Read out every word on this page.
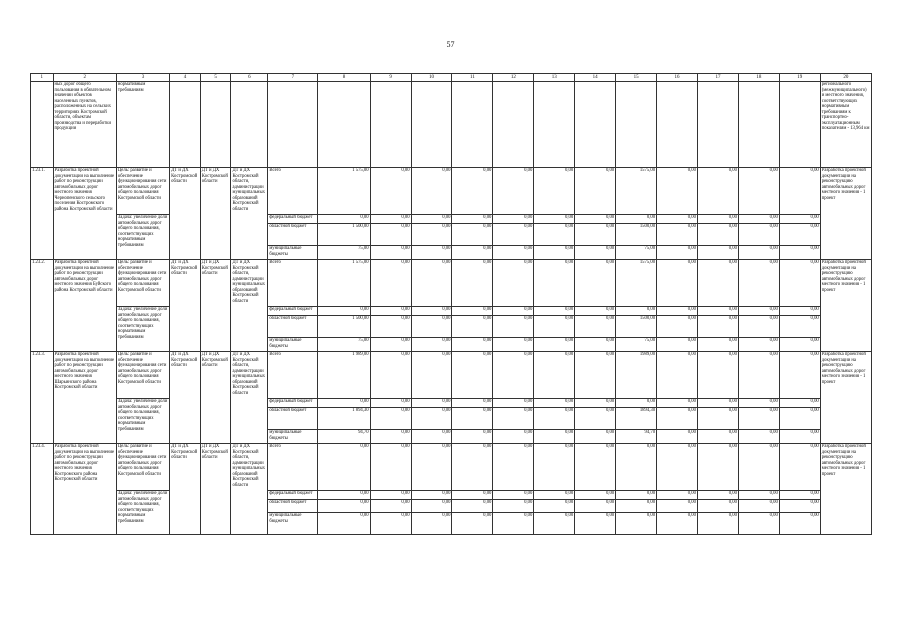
57
1	2	3	4	5	6	7	8	9	10	11	12	13	14	15	16	17	18	19	20
	ных дорог общего пользования в обязательном значении объектов населенных пунктов, расположенных на сельских территориях Костромской области, объектам производства и переработки продукции	нормативным требованиям																	регионального (межмуниципального) и местного значения, соответствующих нормативным требованиям к транспортно-эксплуатационным показателям - 13,964 км
1.23.1.	Разработка проектной документации на выполнение работ по реконструкции автомобильных дорог местного значения Чернопенского сельского поселения Костромского района Костромской области	Цель: развитие и обеспечение функционирования сети автомобильных дорог общего пользования Костромской области	ДТ и ДХ Костромской области	ДТ и ДХ Костромской области	ДТ и ДХ Костромской области, администрации муниципальных образований Костромской области	Всего	1 575,00	0,00	0,00	0,00	0,00	0,00	0,00	1575,00	0,00	0,00	0,00	0,00	Разработка проектной документации на реконструкцию автомобильных дорог местного значения - 1 проект
		Задача: увеличение доли автомобильных дорог общего пользования, соответствующих нормативным требованиям				федеральный бюджет	0,00	0,00	0,00	0,00	0,00	0,00	0,00	0,00	0,00	0,00	0,00	0,00	
						областной бюджет	1 500,00	0,00	0,00	0,00	0,00	0,00	0,00	1500,00	0,00	0,00	0,00	0,00	
						муниципальные бюджеты	75,00	0,00	0,00	0,00	0,00	0,00	0,00	75,00	0,00	0,00	0,00	0,00	
1.23.2.	Разработка проектной документации на выполнение работ по реконструкции автомобильных дорог местного значения Буйского района Костромской области	Цель: развитие и обеспечение функционирования сети автомобильных дорог общего пользования Костромской области	ДТ и ДХ Костромской области	ДТ и ДХ Костромской области	ДТ и ДХ Костромской области, администрации муниципальных образований Костромской области	Всего	1 575,00	0,00	0,00	0,00	0,00	0,00	0,00	1575,00	0,00	0,00	0,00	0,00	Разработка проектной документации на реконструкцию автомобильных дорог местного значения - 1 проект
		Задача: увеличение доли автомобильных дорог общего пользования, соответствующих нормативным требованиям				федеральный бюджет	0,00	0,00	0,00	0,00	0,00	0,00	0,00	0,00	0,00	0,00	0,00	0,00	
						областной бюджет	1 500,00	0,00	0,00	0,00	0,00	0,00	0,00	1500,00	0,00	0,00	0,00	0,00	
						муниципальные бюджеты	75,00	0,00	0,00	0,00	0,00	0,00	0,00	75,00	0,00	0,00	0,00	0,00	
1.23.3.	Разработка проектной документации на выполнение работ по реконструкции автомобильных дорог местного значения Шарьинского района Костромской области	Цель: развитие и обеспечение функционирования сети автомобильных дорог общего пользования Костромской области	ДТ и ДХ Костромской области	ДТ и ДХ Костромской области	ДТ и ДХ Костромской области, администрации муниципальных образований Костромской области	Всего	1 989,00	0,00	0,00	0,00	0,00	0,00	0,00	1989,00	0,00	0,00	0,00	0,00	Разработка проектной документации на реконструкцию автомобильных дорог местного значения - 1 проект
		Задача: увеличение доли автомобильных дорог общего пользования, соответствующих нормативным требованиям				федеральный бюджет	0,00	0,00	0,00	0,00	0,00	0,00	0,00	0,00	0,00	0,00	0,00	0,00	
						областной бюджет	1 894,30	0,00	0,00	0,00	0,00	0,00	0,00	1894,30	0,00	0,00	0,00	0,00	
						муниципальные бюджеты	94,70	0,00	0,00	0,00	0,00	0,00	0,00	94,70	0,00	0,00	0,00	0,00	
1.23.4.	Разработка проектной документации на выполнение работ по реконструкции автомобильных дорог местного значения Костромского района Костромской области	Цель: развитие и обеспечение функционирования сети автомобильных дорог общего пользования Костромской области	ДТ и ДХ Костромской области	ДТ и ДХ Костромской области	ДТ и ДХ Костромской области, администрации муниципальных образований Костромской области	Всего	0,00	0,00	0,00	0,00	0,00	0,00	0,00	0,00	0,00	0,00	0,00	0,00	Разработка проектной документации на реконструкцию автомобильных дорог местного значения - 1 проект
		Задача: увеличение доли автомобильных дорог общего пользования, соответствующих нормативным требованиям				федеральный бюджет	0,00	0,00	0,00	0,00	0,00	0,00	0,00	0,00	0,00	0,00	0,00	0,00	
						областной бюджет	0,00	0,00	0,00	0,00	0,00	0,00	0,00	0,00	0,00	0,00	0,00	0,00	
						муниципальные бюджеты	0,00	0,00	0,00	0,00	0,00	0,00	0,00	0,00	0,00	0,00	0,00	0,00	
